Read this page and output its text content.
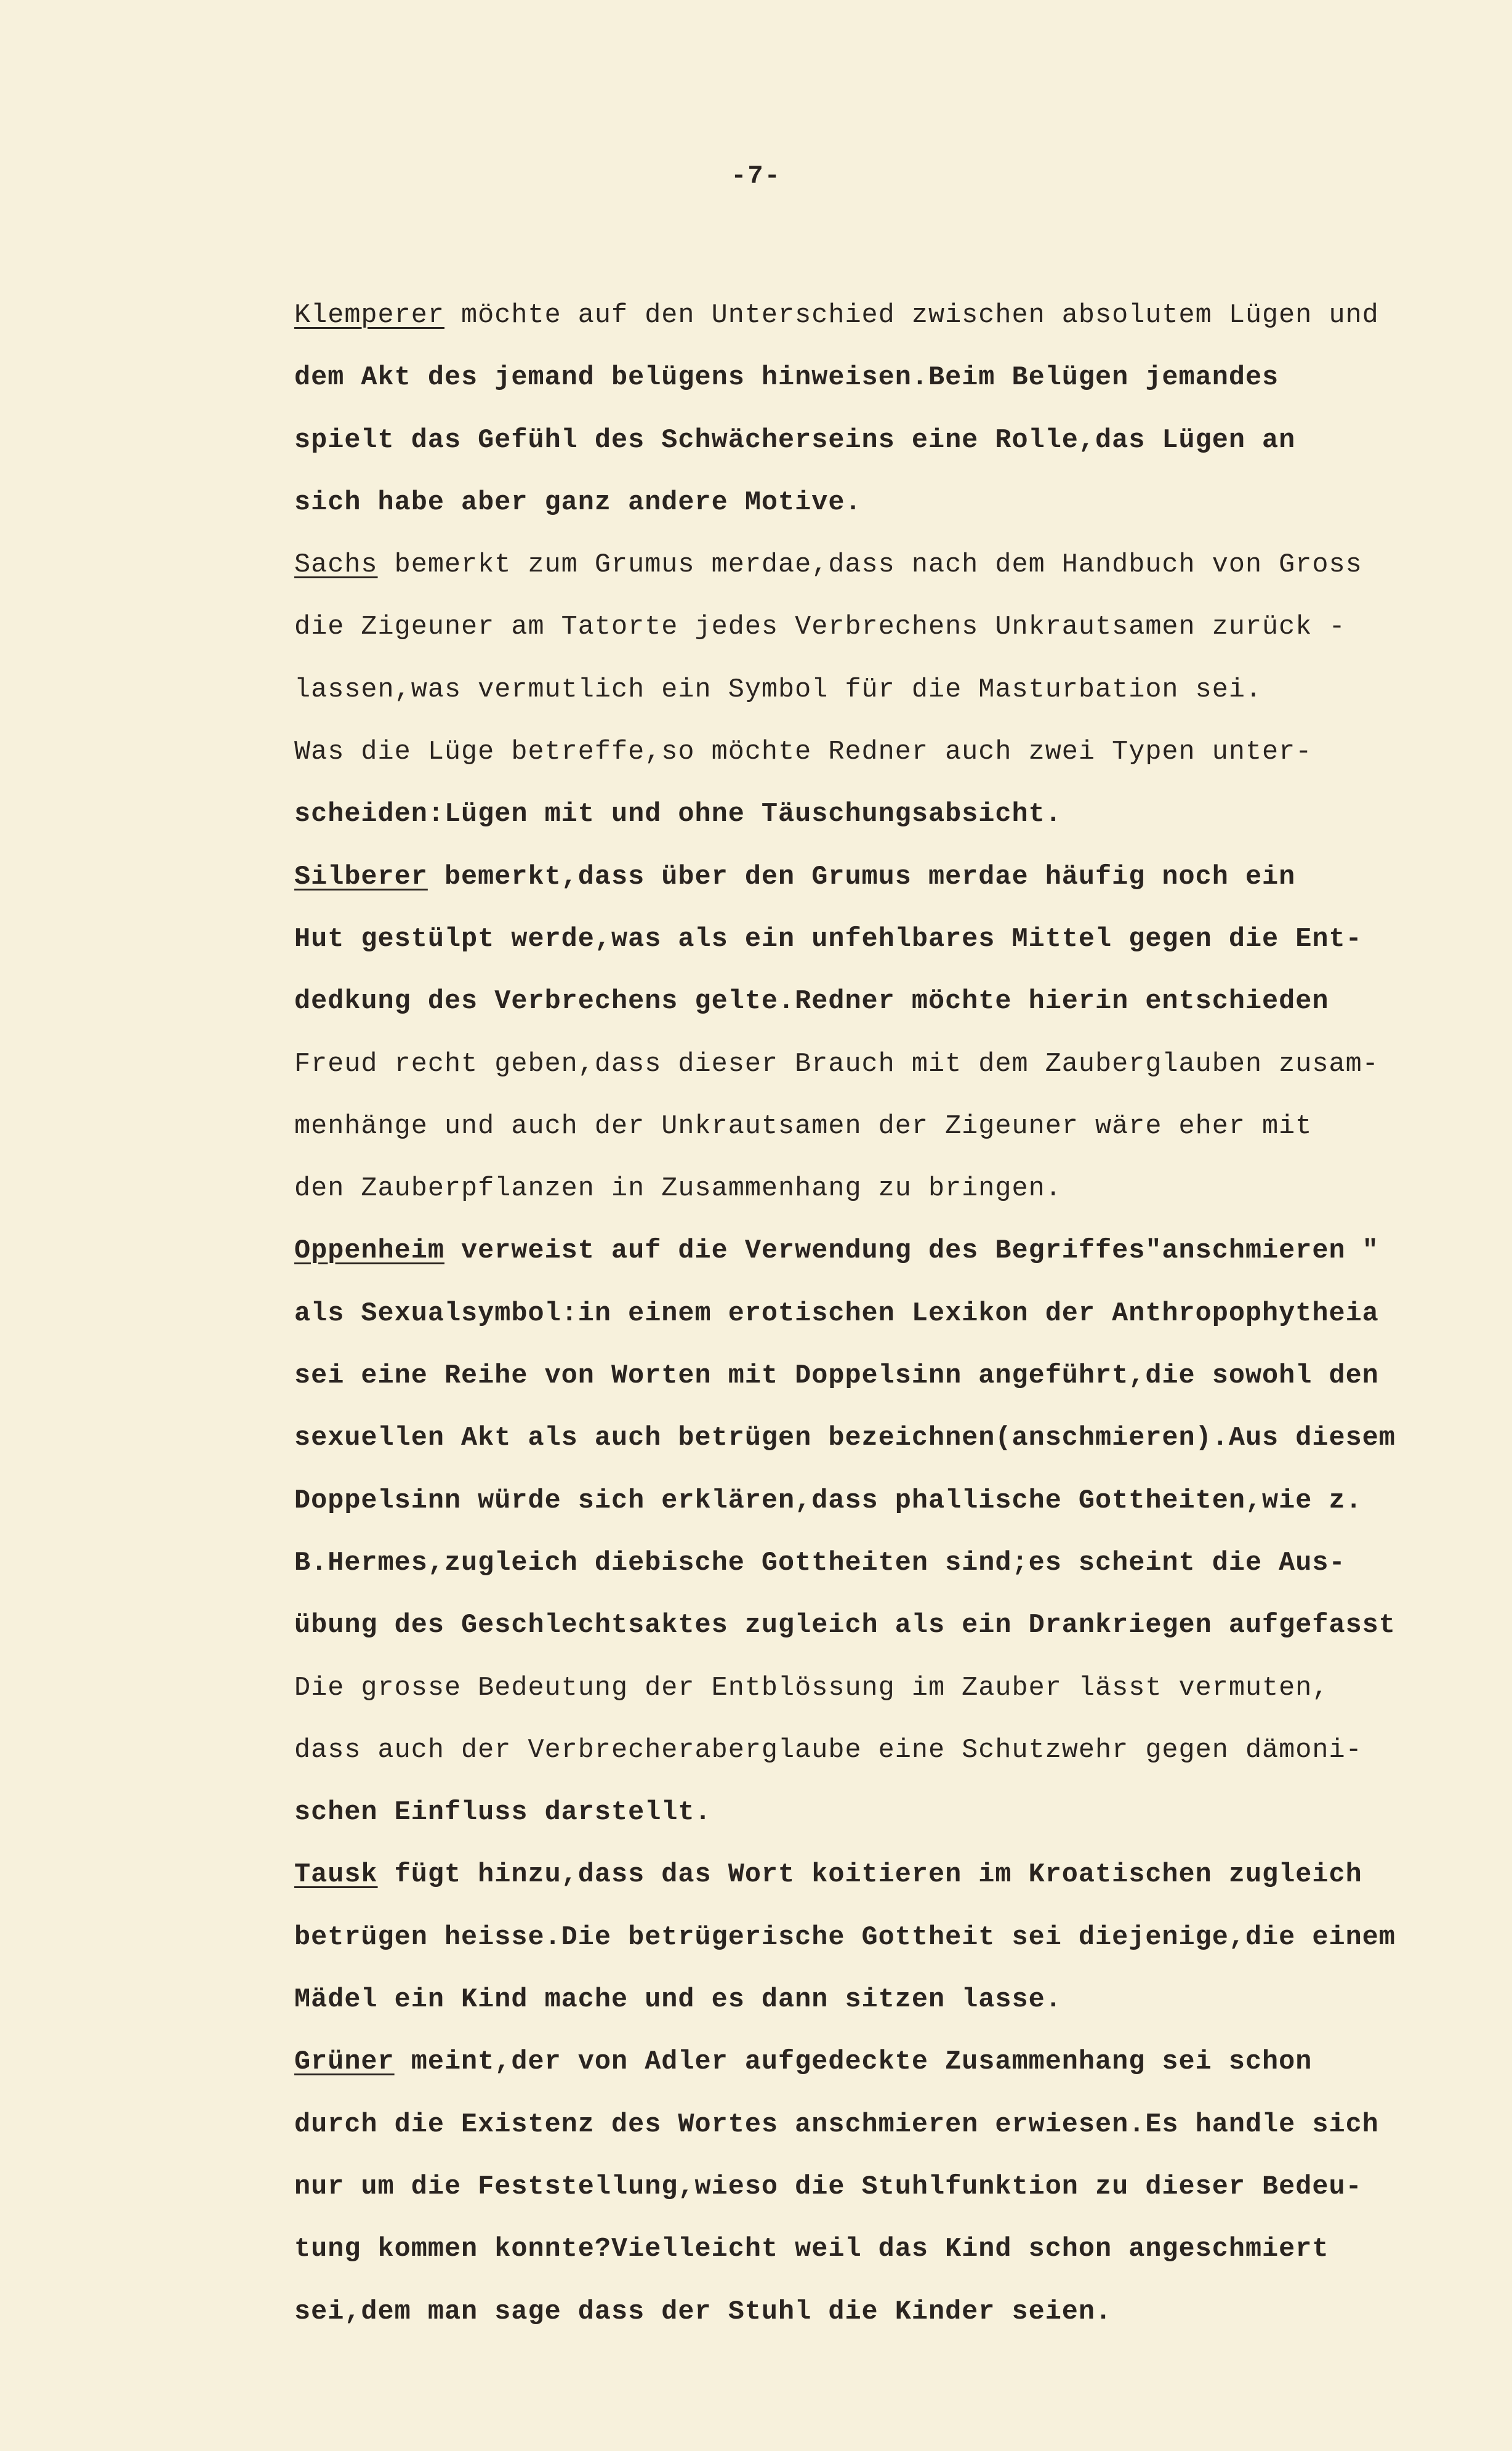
-7-
Klemperer möchte auf den Unterschied zwischen absolutem Lügen und
dem Akt des jemand belügens hinweisen.Beim Belügen jemandes
spielt das Gefühl des Schwächerseins eine Rolle,das Lügen an
sich habe aber ganz andere Motive.
Sachs bemerkt zum Grumus merdae,dass nach dem Handbuch von Gross
die Zigeuner am Tatorte jedes Verbrechens Unkrautsamen zurück -
lassen,was vermutlich ein Symbol für die Masturbation sei.
Was die Lüge betreffe,so möchte Redner auch zwei Typen unter-
scheiden:Lügen mit und ohne Täuschungsabsicht.
Silberer bemerkt,dass über den Grumus merdae häufig noch ein
Hut gestülpt werde,was als ein unfehlbares Mittel gegen die Ent-
dedkung des Verbrechens gelte.Redner möchte hierin entschieden
Freud recht geben,dass dieser Brauch mit dem Zauberglauben zusam-
menhänge und auch der Unkrautsamen der Zigeuner wäre eher mit
den Zauberpflanzen in Zusammenhang zu bringen.
Oppenheim verweist auf die Verwendung des Begriffes"anschmieren "
als Sexualsymbol:in einem erotischen Lexikon der Anthropophytheia
sei eine Reihe von Worten mit Doppelsinn angeführt,die sowohl den
sexuellen Akt als auch betrügen bezeichnen(anschmieren).Aus diesem
Doppelsinn würde sich erklären,dass phallische Gottheiten,wie z.
B.Hermes,zugleich diebische Gottheiten sind;es scheint die Aus-
übung des Geschlechtsaktes zugleich als ein Drankriegen aufgefasst
Die grosse Bedeutung der Entblössung im Zauber lässt vermuten,
dass auch der Verbrecheraberglaube eine Schutzwehr gegen dämoni-
schen Einfluss darstellt.
Tausk fügt hinzu,dass das Wort koitieren im Kroatischen zugleich
betrügen heisse.Die betrügerische Gottheit sei diejenige,die einem
Mädel ein Kind mache und es dann sitzen lasse.
Grüner meint,der von Adler aufgedeckte Zusammenhang sei schon
durch die Existenz des Wortes anschmieren erwiesen.Es handle sich
nur um die Feststellung,wieso die Stuhlfunktion zu dieser Bedeu-
tung kommen konnte?Vielleicht weil das Kind schon angeschmiert
sei,dem man sage dass der Stuhl die Kinder seien.
